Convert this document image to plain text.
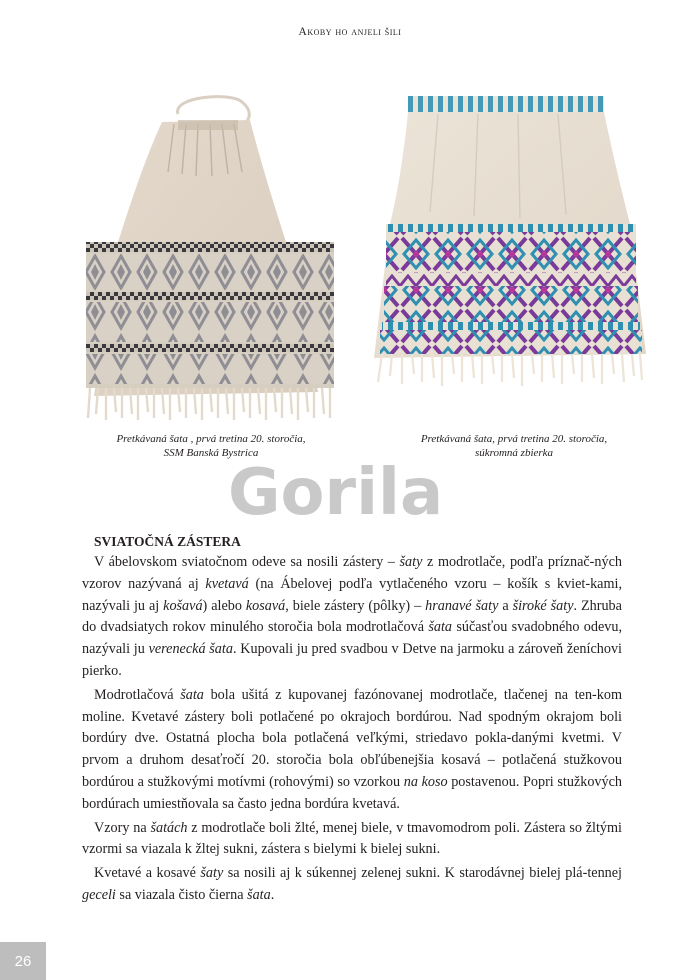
Akoby ho anjeli šili
Pretkávaná šata , prvá tretina 20. storočia,
SSM Banská Bystrica
Pretkávaná šata, prvá tretina 20. storočia,
súkromná zbierka
Gorila
SVIATOČNÁ ZÁSTERA

V ábelovskom sviatočnom odeve sa nosili zástery – šaty z modrotlače, podľa príznač-ných vzorov nazývaná aj kvetavá (na Ábelovej podľa vytlačeného vzoru – košík s kviet-kami, nazývali ju aj košavá) alebo kosavá, biele zástery (pôlky) – hranavé šaty a široké šaty. Zhruba do dvadsiatych rokov minulého storočia bola modrotlačová šata súčasťou svadobného odevu, nazývali ju verenecká šata. Kupovali ju pred svadbou v Detve na jarmoku a zároveň ženíchovi pierko.

Modrotlačová šata bola ušitá z kupovanej fazónovanej modrotlače, tlačenej na ten-kom moline. Kvetavé zástery boli potlačené po okrajoch bordúrou. Nad spodným okrajom boli bordúry dve. Ostatná plocha bola potlačená veľkými, striedavo pokla-danými kvetmi. V prvom a druhom desaťročí 20. storočia bola obľúbenejšia kosavá – potlačená stužkovou bordúrou a stužkovými motívmi (rohovými) so vzorkou na koso postavenou. Popri stužkových bordúrach umiestňovala sa často jedna bordúra kvetavá.

Vzory na šatách z modrotlače boli žlté, menej biele, v tmavomodrom poli. Zástera so žltými vzormi sa viazala k žltej sukni, zástera s bielymi k bielej sukni.

Kvetavé a kosavé šaty sa nosili aj k súkennej zelenej sukni. K starodávnej bielej plá-tennej geceli sa viazala čisto čierna šata.

26
